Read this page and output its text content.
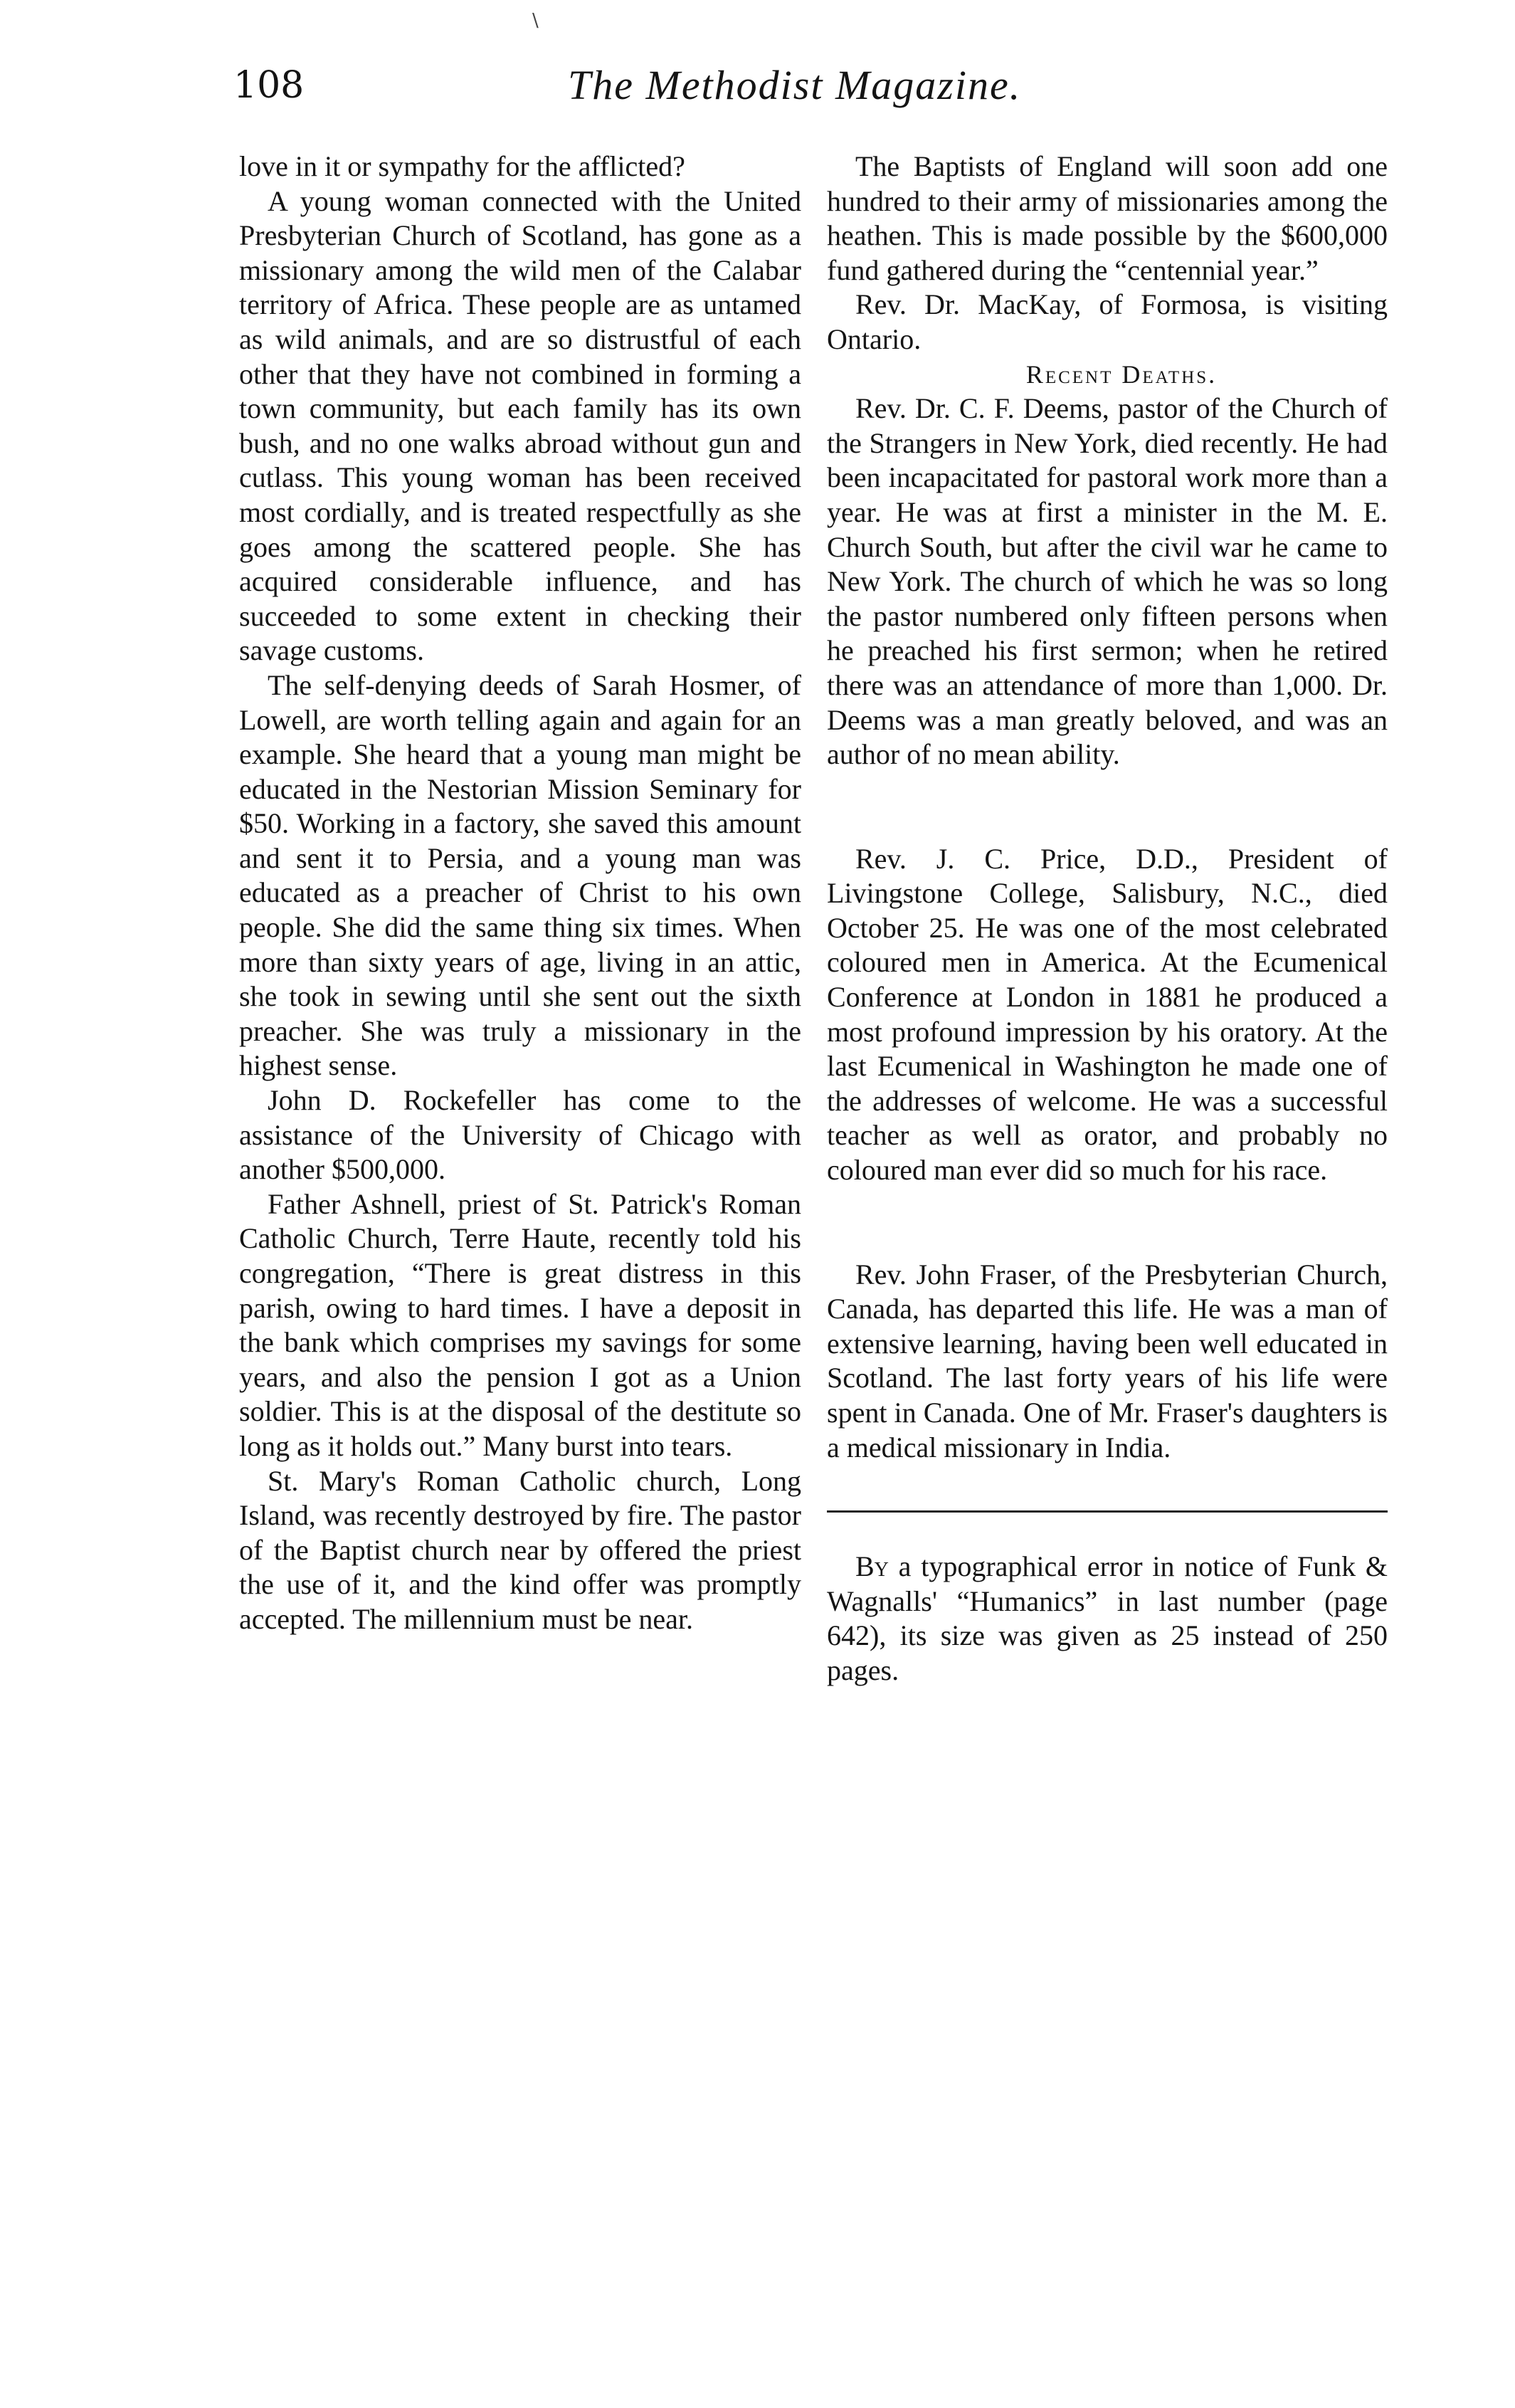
\
108	The Methodist Magazine.

love in it or sympathy for the afflicted?

A young woman connected with the United Presbyterian Church of Scotland, has gone as a missionary among the wild men of the Calabar territory of Africa. These people are as untamed as wild animals, and are so distrustful of each other that they have not combined in forming a town community, but each family has its own bush, and no one walks abroad without gun and cutlass. This young woman has been received most cordially, and is treated respectfully as she goes among the scattered people. She has acquired considerable influence, and has succeeded to some extent in checking their savage customs.

The self-denying deeds of Sarah Hosmer, of Lowell, are worth telling again and again for an example. She heard that a young man might be educated in the Nestorian Mission Seminary for $50. Working in a factory, she saved this amount and sent it to Persia, and a young man was educated as a preacher of Christ to his own people. She did the same thing six times. When more than sixty years of age, living in an attic, she took in sewing until she sent out the sixth preacher. She was truly a missionary in the highest sense.

John D. Rockefeller has come to the assistance of the University of Chicago with another $500,000.

Father Ashnell, priest of St. Patrick's Roman Catholic Church, Terre Haute, recently told his congregation, “There is great distress in this parish, owing to hard times. I have a deposit in the bank which comprises my savings for some years, and also the pension I got as a Union soldier. This is at the disposal of the destitute so long as it holds out.” Many burst into tears.

St. Mary's Roman Catholic church, Long Island, was recently destroyed by fire. The pastor of the Baptist church near by offered the priest the use of it, and the kind offer was promptly accepted. The millennium must be near.

The Baptists of England will soon add one hundred to their army of missionaries among the heathen. This is made possible by the $600,000 fund gathered during the “centennial year.”

Rev. Dr. MacKay, of Formosa, is visiting Ontario.

Recent Deaths.

Rev. Dr. C. F. Deems, pastor of the Church of the Strangers in New York, died recently. He had been incapacitated for pastoral work more than a year. He was at first a minister in the M. E. Church South, but after the civil war he came to New York. The church of which he was so long the pastor numbered only fifteen persons when he preached his first sermon; when he retired there was an attendance of more than 1,000. Dr. Deems was a man greatly beloved, and was an author of no mean ability.

Rev. J. C. Price, D.D., President of Livingstone College, Salisbury, N.C., died October 25. He was one of the most celebrated coloured men in America. At the Ecumenical Conference at London in 1881 he produced a most profound impression by his oratory. At the last Ecumenical in Washington he made one of the addresses of welcome. He was a successful teacher as well as orator, and probably no coloured man ever did so much for his race.

Rev. John Fraser, of the Presbyterian Church, Canada, has departed this life. He was a man of extensive learning, having been well educated in Scotland. The last forty years of his life were spent in Canada. One of Mr. Fraser's daughters is a medical missionary in India.

By a typographical error in notice of Funk & Wagnalls' “Humanics” in last number (page 642), its size was given as 25 instead of 250 pages.
